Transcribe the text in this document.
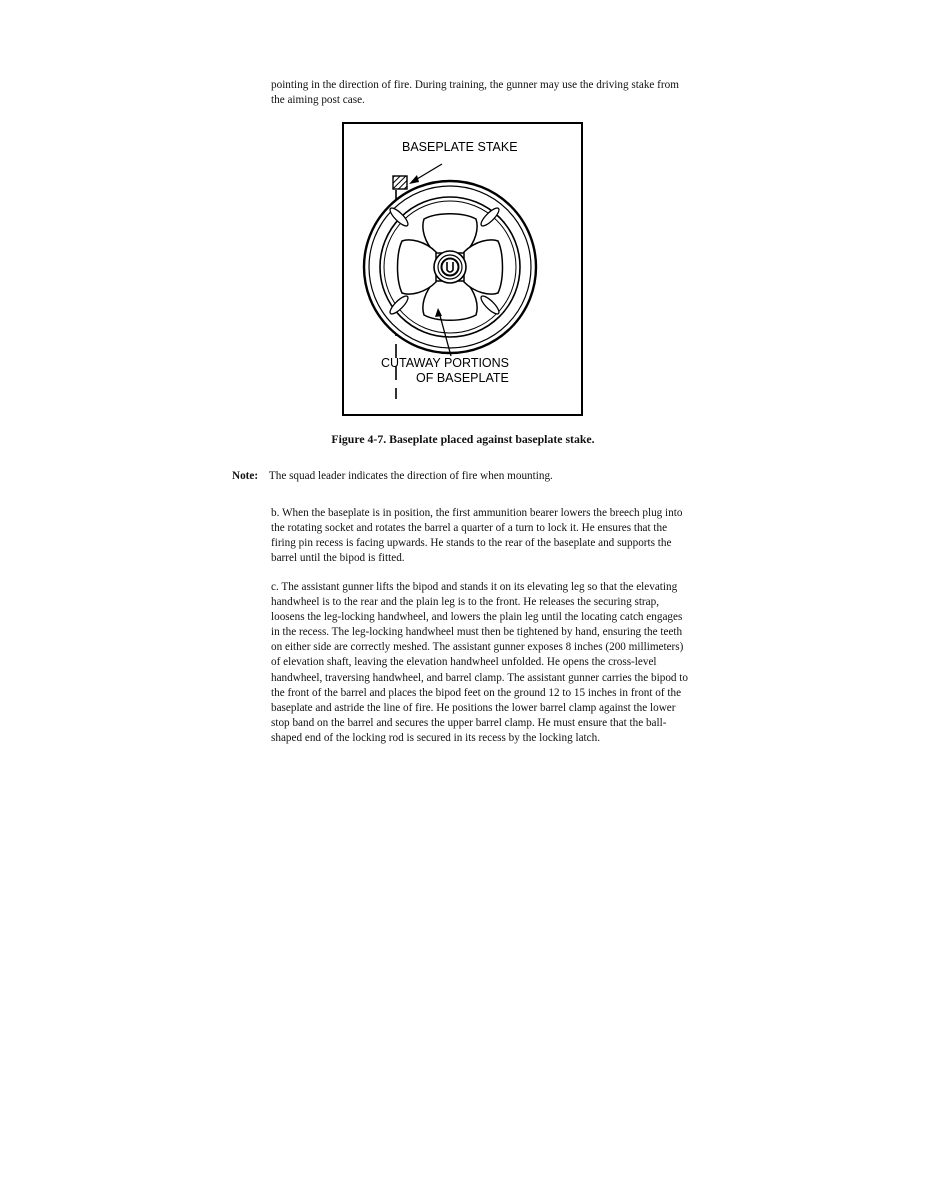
pointing in the direction of fire. During training, the gunner may use the driving stake from the aiming post case.

BASEPLATE STAKE
CUTAWAY PORTIONS
OF BASEPLATE
Figure 4-7. Baseplate placed against baseplate stake.
Note: The squad leader indicates the direction of fire when mounting.

b. When the baseplate is in position, the first ammunition bearer lowers the breech plug into the rotating socket and rotates the barrel a quarter of a turn to lock it. He ensures that the firing pin recess is facing upwards. He stands to the rear of the baseplate and supports the barrel until the bipod is fitted.

c. The assistant gunner lifts the bipod and stands it on its elevating leg so that the elevating handwheel is to the rear and the plain leg is to the front. He releases the securing strap, loosens the leg-locking handwheel, and lowers the plain leg until the locating catch engages in the recess. The leg-locking handwheel must then be tightened by hand, ensuring the teeth on either side are correctly meshed. The assistant gunner exposes 8 inches (200 millimeters) of elevation shaft, leaving the elevation handwheel unfolded. He opens the cross-level handwheel, traversing handwheel, and barrel clamp. The assistant gunner carries the bipod to the front of the barrel and places the bipod feet on the ground 12 to 15 inches in front of the baseplate and astride the line of fire. He positions the lower barrel clamp against the lower stop band on the barrel and secures the upper barrel clamp. He must ensure that the ball-shaped end of the locking rod is secured in its recess by the locking latch.
